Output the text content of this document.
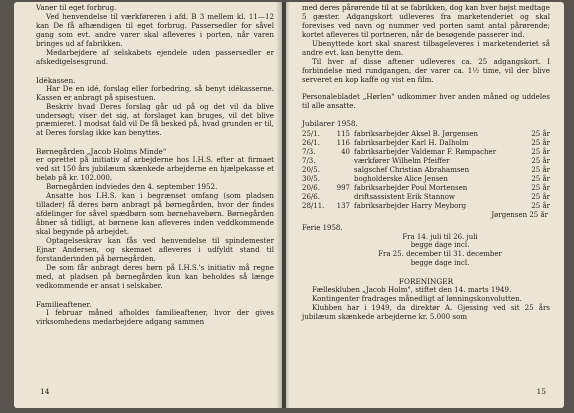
Vaner til eget forbrug.

Ved henvendelse til værkføreren i afd. B 3 mellem kl. 11—12 kan De få afhændigen til eget forbrug. Passersedler for såvel gang som evt. andre varer skal afleveres i porten, når varen bringes ud af fabrikken.

Medarbejdere af selskabets ejendele uden passersedler er afskedigelsesgrund.

Idékassen.

Har De en idé, forslag eller forbedring, så benyt idékasserne. Kassen er anbragt på spisestuen.

Beskriv hvad Deres forslag går ud på og det vil da blive undersøgt; viser det sig, at forslaget kan bruges, vil det blive præmieret. I modsat fald vil De få besked på, hvad grunden er til, at Deres forslag ikke kan benyttes.

Børnegården „Jacob Holms Minde"

er oprettet på initiativ af arbejderne hos I.H.S. efter at firmaet ved sit 150 års jubilæum skænkede arbejderne en hjælpekasse et beløb på kr. 102.000.

Børnegården indviedes den 4. september 1952.

Ansatte hos I.H.S. kan i begrænset omfang (som pladsen tillader) få deres børn anbragt på børnegården, hvor der findes afdelinger for såvel spædbørn som børnehavebørn. Børnegården åbner så tidligt, at børnene kan afleveres inden veddkommende skal begynde på arbejdet.

Optagelseskrav kan fås ved henvendelse til spindemester Ejnar Andersen, og skemaet afleveres i udfyldt stand til forstanderinden på børnegården.

De som får anbragt deres børn på I.H.S.'s initiativ må regne med, at pladsen på børnegården kun kan beholdes så længe vedkommende er ansat i selskaber.

Familieaftener.

I februar måned afholdes familieaftener, hvor der gives virksomhedens medarbejdere adgang sammen

14

med deres pårørende til at se fabrikken, dog kan hver højst medtage 5 gæster. Adgangskort udleveres fra marketenderiet og skal forevises ved navn og nummer ved porten samt antal pårørende; kortet afleveres til portneren, når de besøgende passerer ind.

Ubenyttede kort skal snarest tilbageleveres i marketenderiet så andre evt. kan benytte dem.

Til hver af disse aftener udleveres ca. 25 adgangskort. I forbindelse med rundgangen, der varer ca. 1½ time, vil der blive serveret en kop kaffe og vist en film.

Personalebladet „Hørlen" udkommer hver anden måned og uddeles til alle ansatte.

Jubilarer 1958.
25/1.	115 fabriksarbejder Aksel B. Jørgensen	25 år
26/1.	116 fabriksarbejder Karl H. Dalholm	25 år
7/3.	40 fabriksarbejder Valdemar F. Rømpacher	25 år
7/3.	værkfører Wilhelm Pfeiffer	25 år
20/5.	salgschef Christian Abrahamsen	25 år
30/5.	bogholderske Alice Jensen	25 år
20/6.	997 fabriksarbejder Poul Mortensen	25 år
26/6.	driftsassistent Erik Stannow	25 år
28/11.	137 fabriksarbejder Harry Meyborg	25 år
Jørgensen 25 år
Ferie 1958.
Fra 14. juli til 26. juli
begge dage incl.
Fra 25. december til 31. december
begge dage incl.
FORENINGER

Fælleskluben „Jacob Holm", stiftet den 14. marts 1949.

Kontingenter fradrages månedligt af lønningskonvolutten.

Klubben har i 1949, da direktør A. Gjessing ved sit 25 års jubilæum skænkede arbejderne kr. 5.000 som

15
